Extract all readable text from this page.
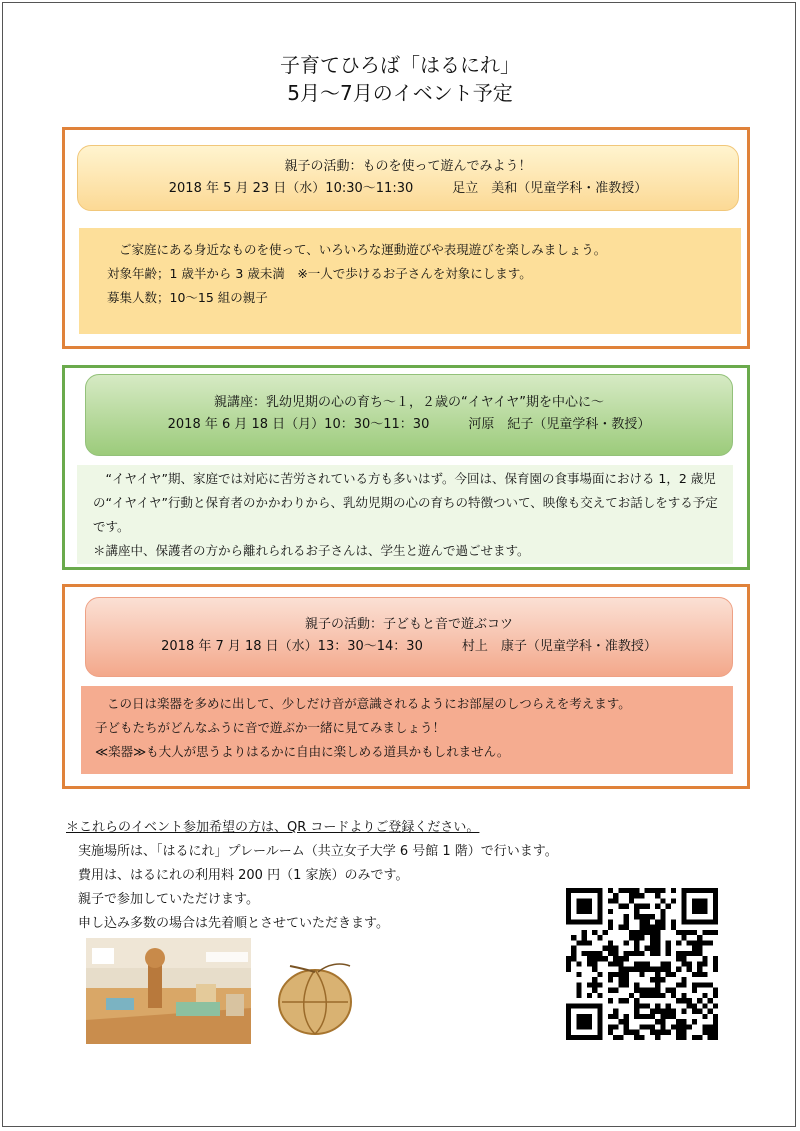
子育てひろば「はるにれ」
5月～7月のイベント予定
親子の活動：ものを使って遊んでみよう！
2018 年 5 月 23 日（水）10:30～11:30　　　足立　美和（児童学科・准教授）
ご家庭にある身近なものを使って、いろいろな運動遊びや表現遊びを楽しみましょう。
対象年齢；1 歳半から 3 歳未満　※一人で歩けるお子さんを対象にします。
募集人数；10～15 組の親子
親講座：乳幼児期の心の育ち～１，２歳の“イヤイヤ”期を中心に～
2018 年 6 月 18 日（月）10：30～11：30　　　河原　紀子（児童学科・教授）
　“イヤイヤ”期、家庭では対応に苦労されている方も多いはず。今回は、保育園の食事場面における 1，2 歳児の“イヤイヤ”行動と保育者のかかわりから、乳幼児期の心の育ちの特徴ついて、映像も交えてお話しをする予定です。
＊講座中、保護者の方から離れられるお子さんは、学生と遊んで過ごせます。
親子の活動：子どもと音で遊ぶコツ
2018 年 7 月 18 日（水）13：30～14：30　　　村上　康子（児童学科・准教授）
この日は楽器を多めに出して、少しだけ音が意識されるようにお部屋のしつらえを考えます。
子どもたちがどんなふうに音で遊ぶか一緒に見てみましょう！
≪楽器≫も大人が思うよりはるかに自由に楽しめる道具かもしれません。
＊これらのイベント参加希望の方は、QR コードよりご登録ください。
実施場所は、「はるにれ」プレールーム（共立女子大学 6 号館 1 階）で行います。
費用は、はるにれの利用料 200 円（1 家族）のみです。
親子で参加していただけます。
申し込み多数の場合は先着順とさせていただきます。
